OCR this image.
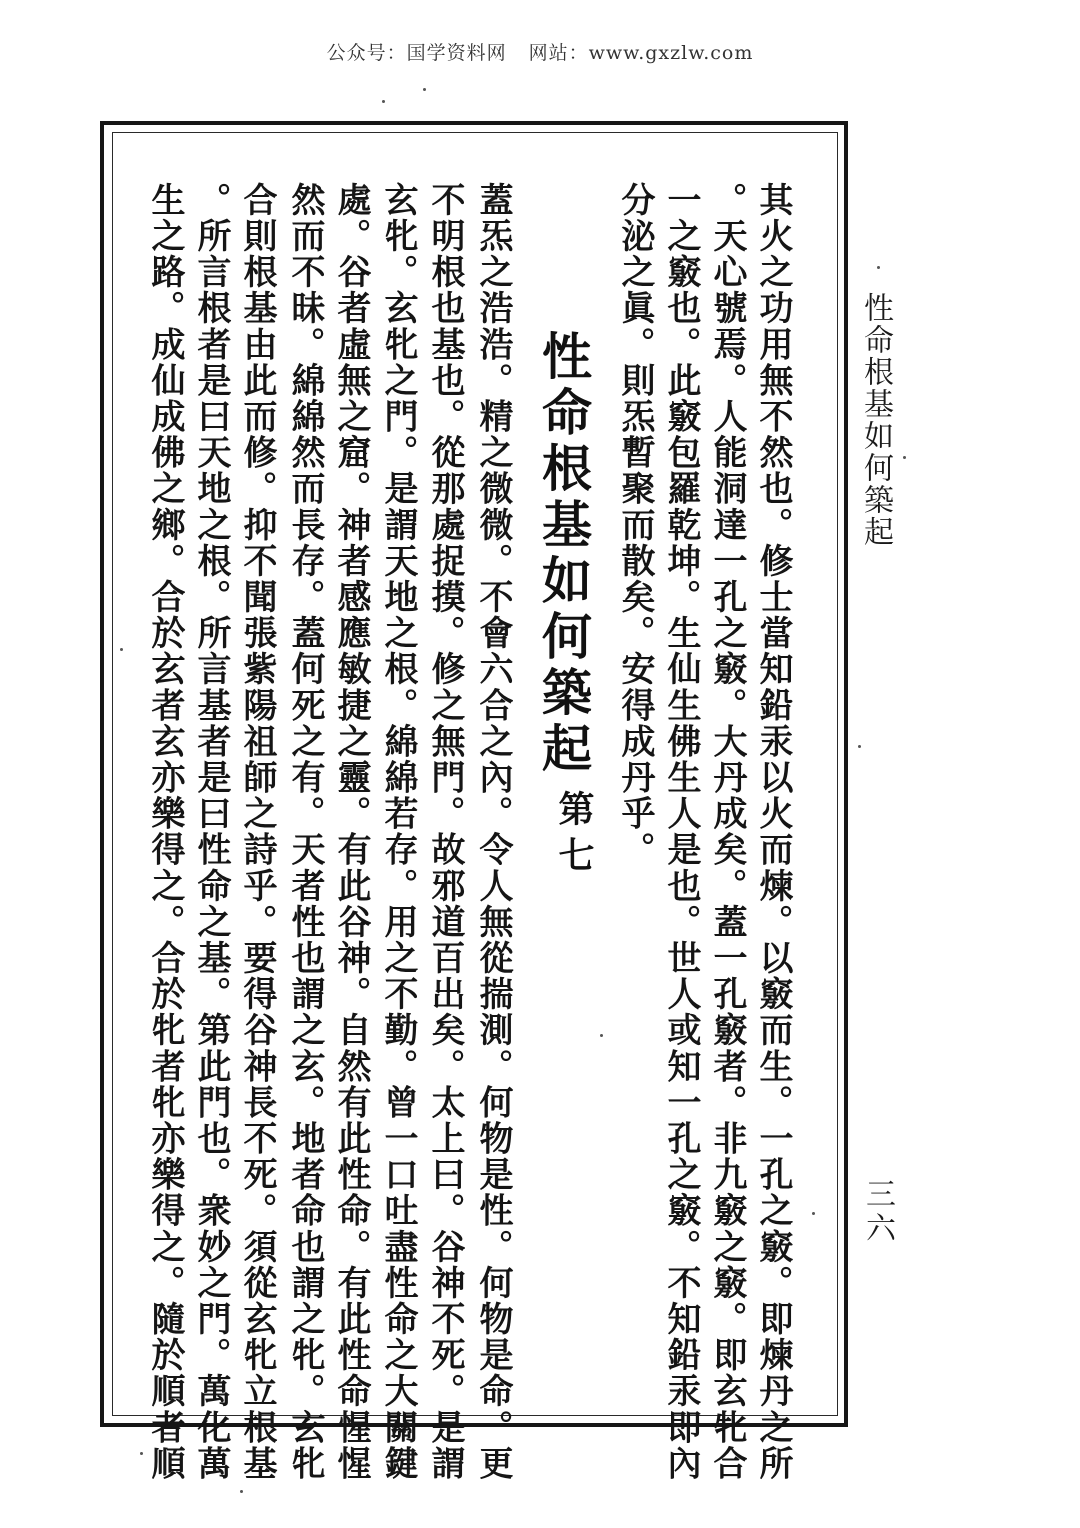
公众号：国学资料网 网站：www.gxzlw.com
性命根基如何築起
三六
性命根基如何築起
第七	其火之功用無不然也。修士當知鉛汞以火而煉。以竅而生。一孔之竅。即煉丹之所
。天心號焉。人能洞達一孔之竅。大丹成矣。蓋一孔竅者。非九竅之竅。即玄牝合
一之竅也。此竅包羅乾坤。生仙生佛生人是也。世人或知一孔之竅。不知鉛汞即內
分泌之眞。則炁暫聚而散矣。安得成丹乎。
蓋炁之浩浩。精之微微。不會六合之內。令人無從揣測。何物是性。何物是命。更
不明根也基也。從那處捉摸。修之無門。故邪道百出矣。太上曰。谷神不死。是謂
玄牝。玄牝之門。是謂天地之根。綿綿若存。用之不勤。曾一口吐盡性命之大關鍵
處。谷者虛無之窟。神者感應敏捷之靈。有此谷神。自然有此性命。有此性命惺惺
然而不昧。綿綿然而長存。蓋何死之有。天者性也謂之玄。地者命也謂之牝。玄牝
合則根基由此而修。抑不聞張紫陽祖師之詩乎。要得谷神長不死。須從玄牝立根基
。所言根者是曰天地之根。所言基者是曰性命之基。第此門也。衆妙之門。萬化萬
生之路。成仙成佛之鄉。合於玄者玄亦樂得之。合於牝者牝亦樂得之。隨於順者順
